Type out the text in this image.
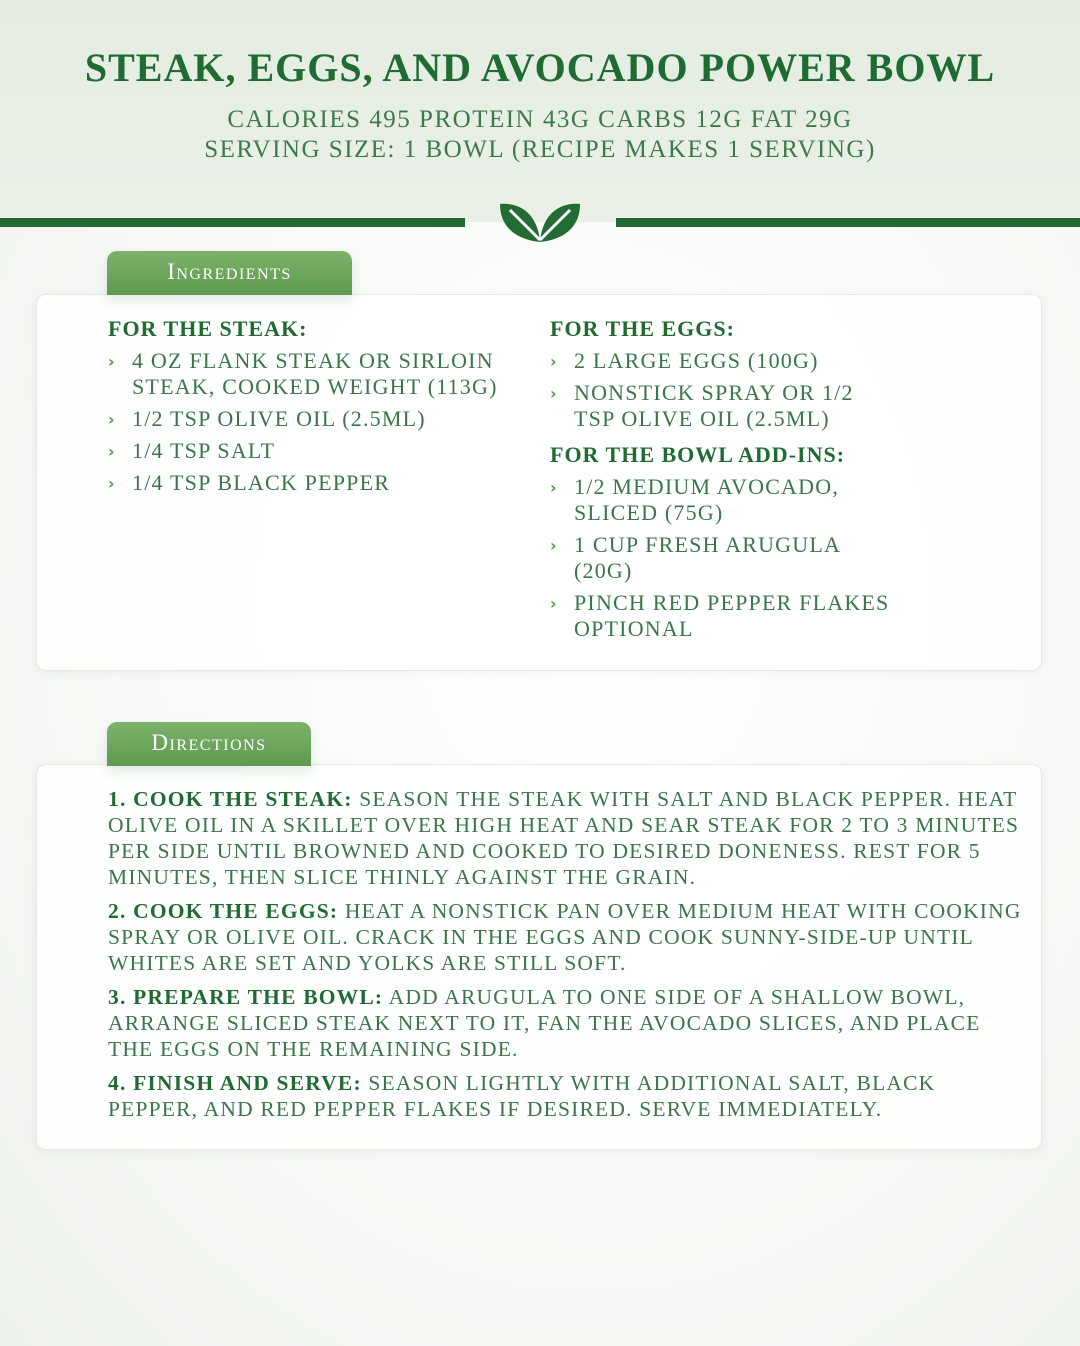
STEAK, EGGS, AND AVOCADO POWER BOWL
CALORIES 495 PROTEIN 43G CARBS 12G FAT 29G
SERVING SIZE: 1 BOWL (RECIPE MAKES 1 SERVING)
Ingredients
FOR THE STEAK:
› 4 OZ FLANK STEAK OR SIRLOIN STEAK, COOKED WEIGHT (113G)
› 1/2 TSP OLIVE OIL (2.5ML)
› 1/4 TSP SALT
› 1/4 TSP BLACK PEPPER
FOR THE EGGS:
› 2 LARGE EGGS (100G)
› NONSTICK SPRAY OR 1/2 TSP OLIVE OIL (2.5ML)
FOR THE BOWL ADD-INS:
› 1/2 MEDIUM AVOCADO, SLICED (75G)
› 1 CUP FRESH ARUGULA (20G)
› PINCH RED PEPPER FLAKES OPTIONAL
Directions
1. COOK THE STEAK: SEASON THE STEAK WITH SALT AND BLACK PEPPER. HEAT OLIVE OIL IN A SKILLET OVER HIGH HEAT AND SEAR STEAK FOR 2 TO 3 MINUTES PER SIDE UNTIL BROWNED AND COOKED TO DESIRED DONENESS. REST FOR 5 MINUTES, THEN SLICE THINLY AGAINST THE GRAIN.
2. COOK THE EGGS: HEAT A NONSTICK PAN OVER MEDIUM HEAT WITH COOKING SPRAY OR OLIVE OIL. CRACK IN THE EGGS AND COOK SUNNY-SIDE-UP UNTIL WHITES ARE SET AND YOLKS ARE STILL SOFT.
3. PREPARE THE BOWL: ADD ARUGULA TO ONE SIDE OF A SHALLOW BOWL, ARRANGE SLICED STEAK NEXT TO IT, FAN THE AVOCADO SLICES, AND PLACE THE EGGS ON THE REMAINING SIDE.
4. FINISH AND SERVE: SEASON LIGHTLY WITH ADDITIONAL SALT, BLACK PEPPER, AND RED PEPPER FLAKES IF DESIRED. SERVE IMMEDIATELY.
